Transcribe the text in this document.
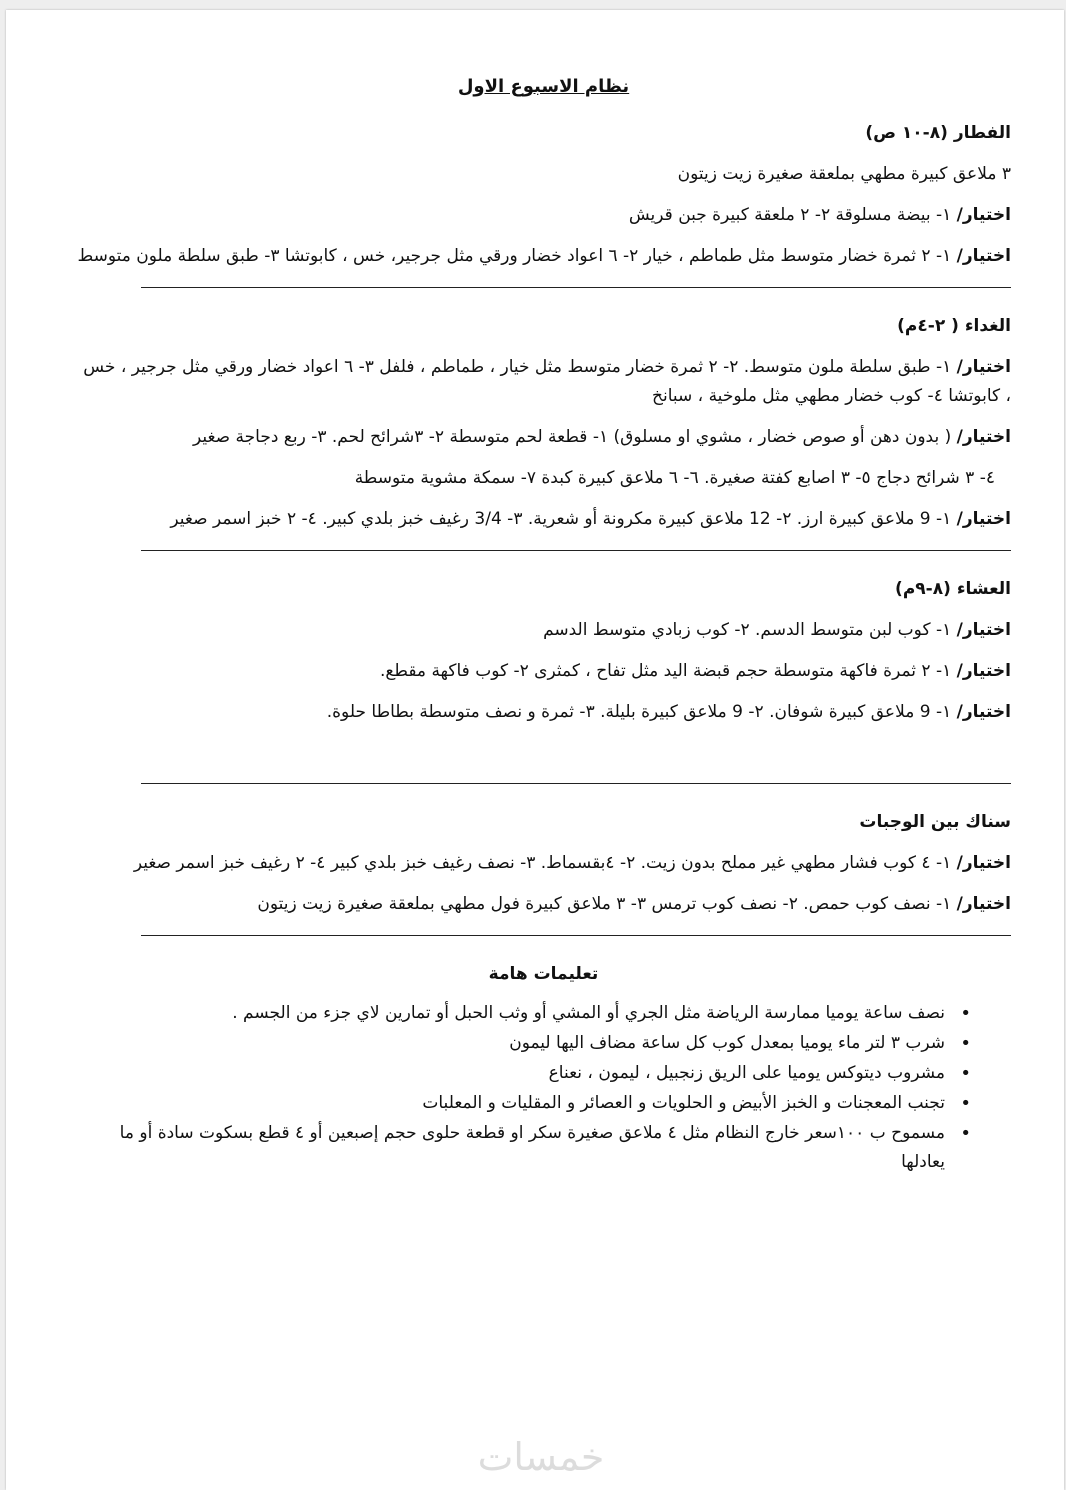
نظام الاسبوع الاول
الفطار (٨-١٠ ص)
٣ ملاعق كبيرة مطهي بملعقة صغيرة زيت زيتون
اختيار/ ١- بيضة مسلوقة ٢- ٢ ملعقة كبيرة جبن قريش
اختيار/ ١- ٢ ثمرة خضار متوسط مثل طماطم ، خيار ٢- ٦ اعواد خضار ورقي مثل جرجير، خس ، كابوتشا ٣- طبق سلطة ملون متوسط
الغداء ( ٢-٤م)
اختيار/ ١- طبق سلطة ملون متوسط. ٢- ٢ ثمرة خضار متوسط مثل خيار ، طماطم ، فلفل ٣- ٦ اعواد خضار ورقي مثل جرجير ، خس ، كابوتشا ٤- كوب خضار مطهي مثل ملوخية ، سبانخ
اختيار/ ( بدون دهن أو صوص خضار ، مشوي او مسلوق) ١- قطعة لحم متوسطة ٢- ٣شرائح لحم. ٣- ربع دجاجة صغير
٤- ٣ شرائح دجاج ٥- ٣ اصابع كفتة صغيرة. ٦- ٦ ملاعق كبيرة كبدة ٧- سمكة مشوية متوسطة
اختيار/ ١- 9 ملاعق كبيرة ارز. ٢- 12 ملاعق كبيرة مكرونة أو شعرية. ٣- 3/4 رغيف خبز بلدي كبير. ٤- ٢ خبز اسمر صغير
العشاء (٨-٩م)
اختيار/ ١- كوب لبن متوسط الدسم. ٢- كوب زبادي متوسط الدسم
اختيار/ ١- ٢ ثمرة فاكهة متوسطة حجم قبضة اليد مثل تفاح ، كمثرى ٢- كوب فاكهة مقطع.
اختيار/ ١- 9 ملاعق كبيرة شوفان. ٢- 9 ملاعق كبيرة بليلة. ٣- ثمرة و نصف متوسطة بطاطا حلوة.
سناك بين الوجبات
اختيار/ ١- ٤ كوب فشار مطهي غير مملح بدون زيت. ٢- ٤بقسماط. ٣- نصف رغيف خبز بلدي كبير ٤- ٢ رغيف خبز اسمر صغير
اختيار/ ١- نصف كوب حمص. ٢- نصف كوب ترمس ٣- ٣ ملاعق كبيرة فول مطهي بملعقة صغيرة زيت زيتون
تعليمات هامة
• نصف ساعة يوميا ممارسة الرياضة مثل الجري أو المشي أو وثب الحبل أو تمارين لاي جزء من الجسم .
• شرب ٣ لتر ماء يوميا بمعدل كوب كل ساعة مضاف اليها ليمون
• مشروب ديتوكس يوميا على الريق زنجبيل ، ليمون ، نعناع
• تجنب المعجنات و الخبز الأبيض و الحلويات و العصائر و المقليات و المعلبات
• مسموح ب ١٠٠سعر خارج النظام مثل ٤ ملاعق صغيرة سكر او قطعة حلوى حجم إصبعين أو ٤ قطع بسكوت سادة أو ما يعادلها
خمسات
